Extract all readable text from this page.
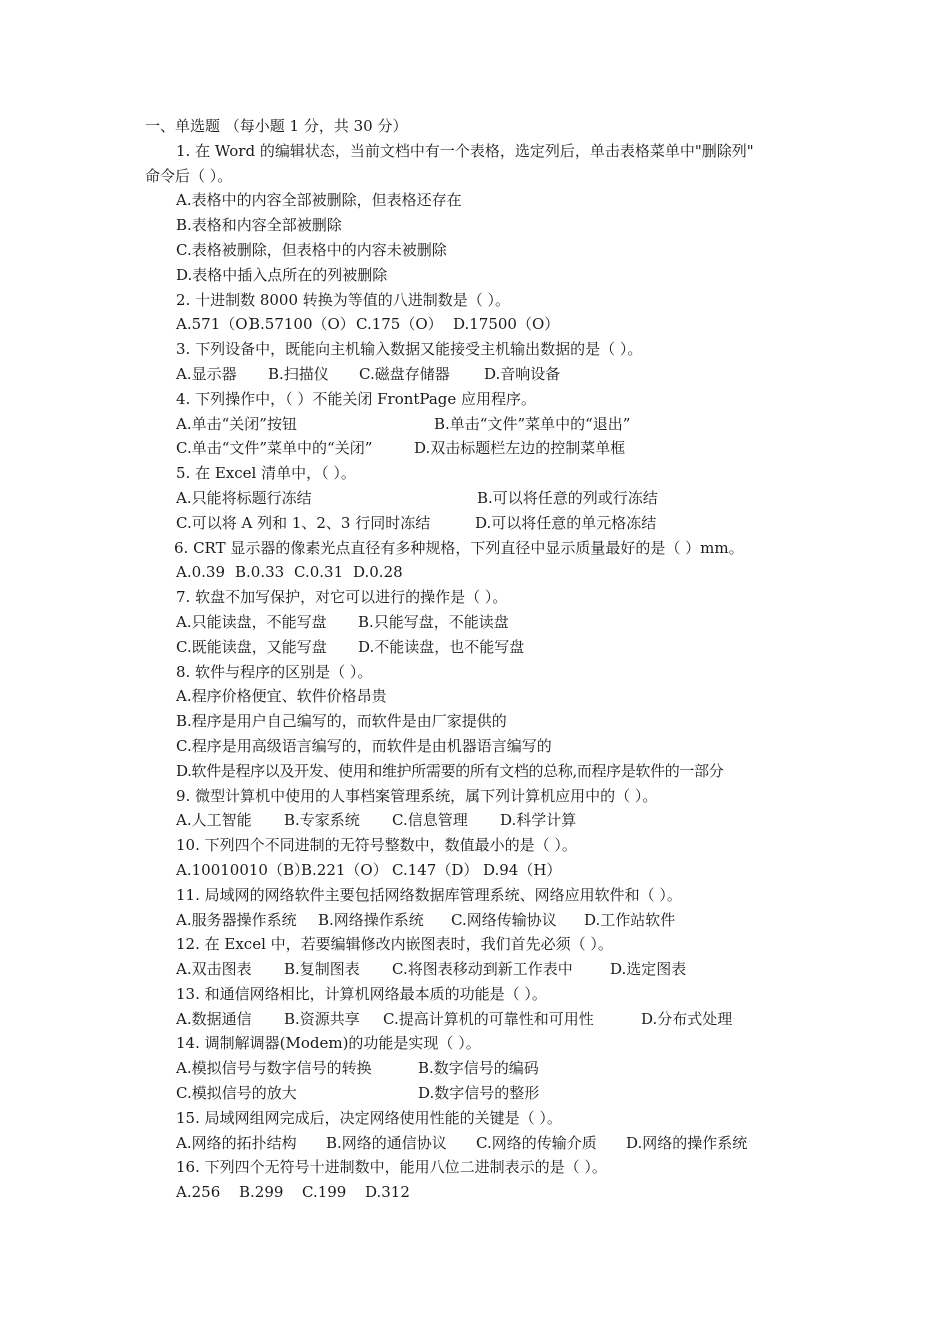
一、单选题 （每小题 1 分，共 30 分）
1. 在 Word 的编辑状态，当前文档中有一个表格，选定列后，单击表格菜单中"删除列"
命令后（ ）。
A.表格中的内容全部被删除，但表格还存在
B.表格和内容全部被删除
C.表格被删除，但表格中的内容未被删除
D.表格中插入点所在的列被删除
2. 十进制数 8000 转换为等值的八进制数是（ ）。
A.571（O）B.57100（O）C.175（O） D.17500（O）
3. 下列设备中，既能向主机输入数据又能接受主机输出数据的是（ ）。
A.显示器 B.扫描仪 C.磁盘存储器 D.音响设备
4. 下列操作中，（ ）不能关闭 FrontPage 应用程序。
A.单击“关闭”按钮	B.单击“文件”菜单中的“退出”
C.单击“文件”菜单中的“关闭”	D.双击标题栏左边的控制菜单框
5. 在 Excel 清单中，（ ）。
A.只能将标题行冻结	B.可以将任意的列或行冻结
C.可以将 A 列和 1、2、3 行同时冻结	D.可以将任意的单元格冻结
6. CRT 显示器的像素光点直径有多种规格，下列直径中显示质量最好的是（ ）mm。
A.0.39 B.0.33 C.0.31 D.0.28
7. 软盘不加写保护，对它可以进行的操作是（ ）。
A.只能读盘，不能写盘 B.只能写盘，不能读盘
C.既能读盘，又能写盘 D.不能读盘，也不能写盘
8. 软件与程序的区别是（ ）。
A.程序价格便宜、软件价格昂贵
B.程序是用户自己编写的，而软件是由厂家提供的
C.程序是用高级语言编写的，而软件是由机器语言编写的
D.软件是程序以及开发、使用和维护所需要的所有文档的总称,而程序是软件的一部分
9. 微型计算机中使用的人事档案管理系统，属下列计算机应用中的（ ）。
A.人工智能 B.专家系统 C.信息管理 D.科学计算
10. 下列四个不同进制的无符号整数中，数值最小的是（ ）。
A.10010010（B）B.221（O） C.147（D） D.94（H）
11. 局域网的网络软件主要包括网络数据库管理系统、网络应用软件和（ ）。
A.服务器操作系统 B.网络操作系统 C.网络传输协议 D.工作站软件
12. 在 Excel 中，若要编辑修改内嵌图表时，我们首先必须（ ）。
A.双击图表 B.复制图表 C.将图表移动到新工作表中 D.选定图表
13. 和通信网络相比，计算机网络最本质的功能是（ ）。
A.数据通信 B.资源共享 C.提高计算机的可靠性和可用性	D.分布式处理
14. 调制解调器(Modem)的功能是实现（ ）。
A.模拟信号与数字信号的转换	B.数字信号的编码
C.模拟信号的放大	D.数字信号的整形
15. 局域网组网完成后，决定网络使用性能的关键是（ ）。
A.网络的拓扑结构 B.网络的通信协议 C.网络的传输介质 D.网络的操作系统
16. 下列四个无符号十进制数中，能用八位二进制表示的是（ ）。
A.256 B.299 C.199 D.312
